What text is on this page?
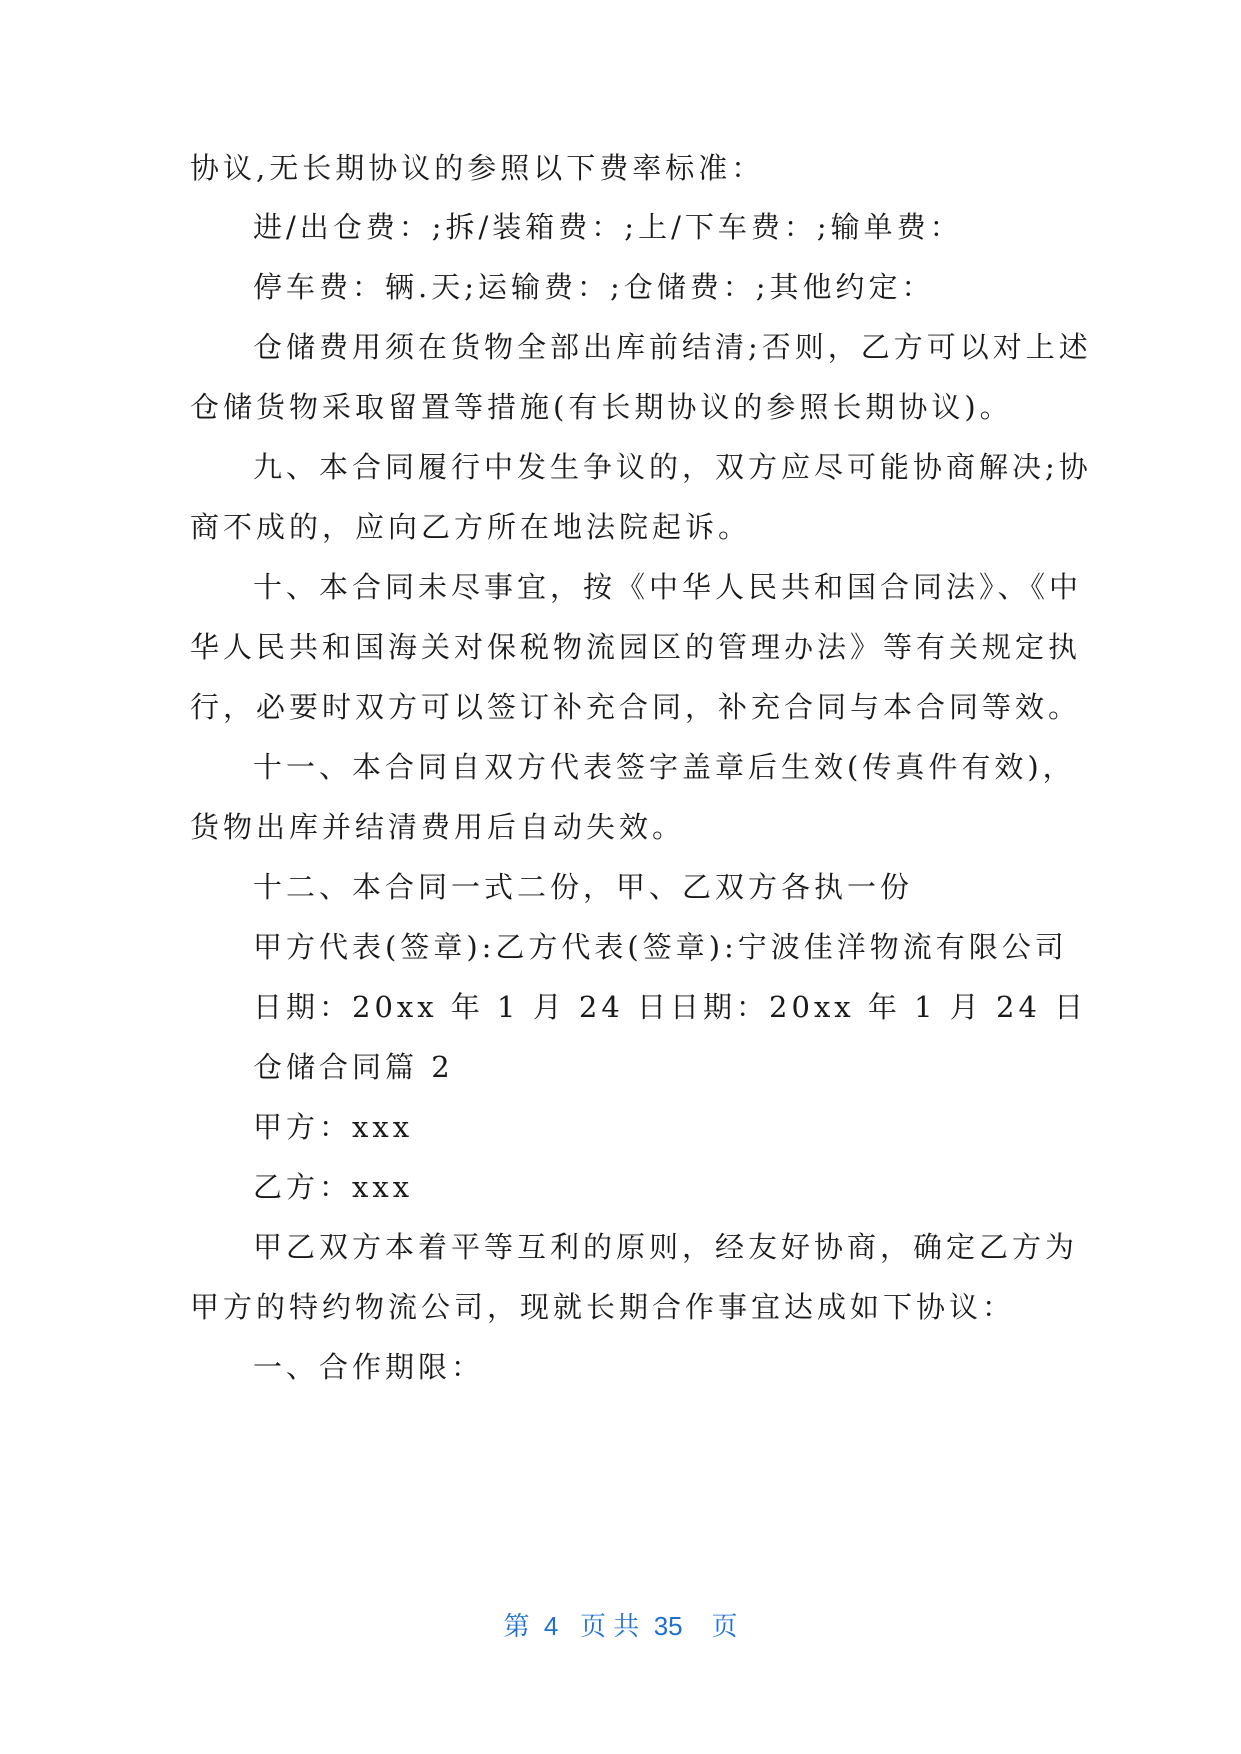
协议,无长期协议的参照以下费率标准：
进/出仓费：;拆/装箱费：;上/下车费：;输单费：
停车费：辆.天;运输费：;仓储费：;其他约定：
仓储费用须在货物全部出库前结清;否则，乙方可以对上述
仓储货物采取留置等措施(有长期协议的参照长期协议)。
九、本合同履行中发生争议的，双方应尽可能协商解决;协
商不成的，应向乙方所在地法院起诉。
十、本合同未尽事宜，按《中华人民共和国合同法》、《中
华人民共和国海关对保税物流园区的管理办法》等有关规定执
行，必要时双方可以签订补充合同，补充合同与本合同等效。
十一、本合同自双方代表签字盖章后生效(传真件有效)，
货物出库并结清费用后自动失效。
十二、本合同一式二份，甲、乙双方各执一份
甲方代表(签章):乙方代表(签章):宁波佳洋物流有限公司
日期：20xx 年 1 月 24 日日期：20xx 年 1 月 24 日
仓储合同篇 2
甲方：xxx
乙方：xxx
甲乙双方本着平等互利的原则，经友好协商，确定乙方为
甲方的特约物流公司，现就长期合作事宜达成如下协议：
一、合作期限：
第  4   页 共  35    页
